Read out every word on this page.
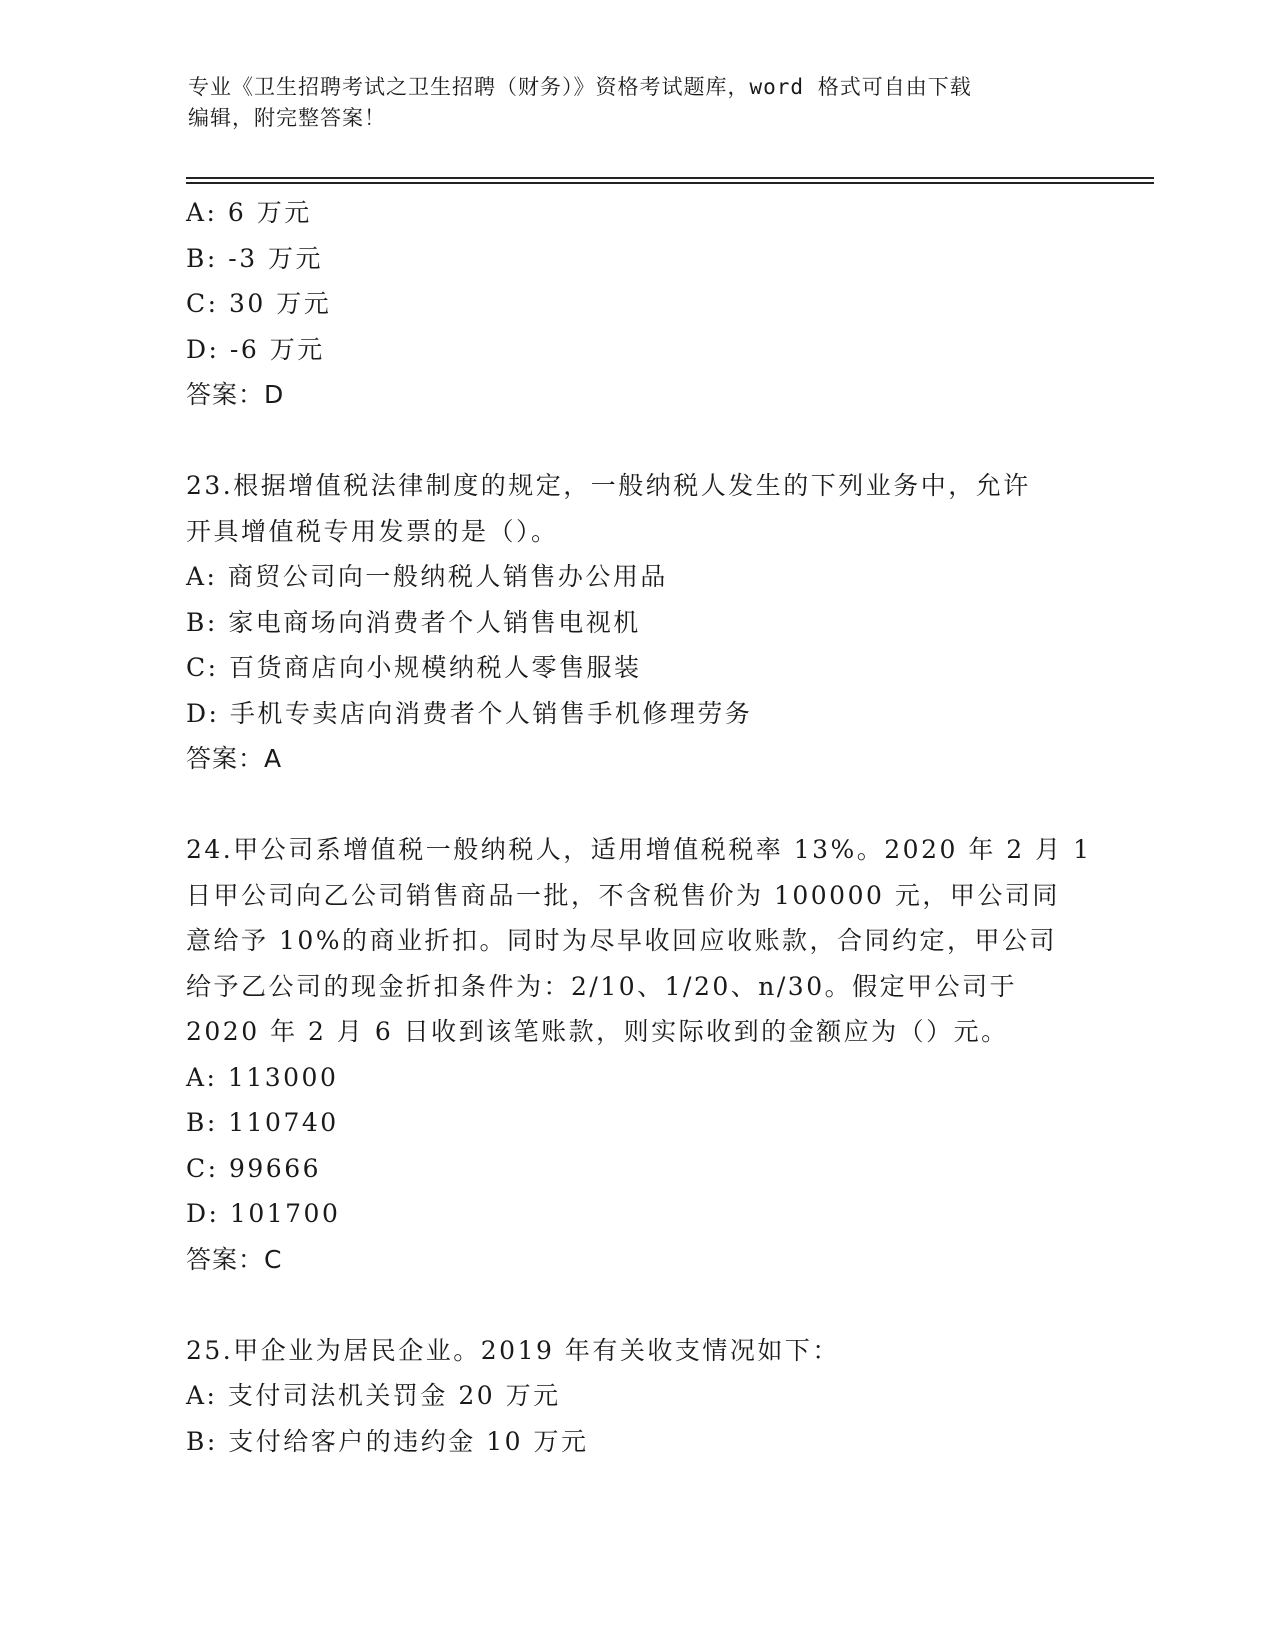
专业《卫生招聘考试之卫生招聘（财务）》资格考试题库，word 格式可自由下载
编辑，附完整答案！
A: 6 万元
B: -3 万元
C: 30 万元
D: -6 万元
答案：D
23.根据增值税法律制度的规定，一般纳税人发生的下列业务中，允许
开具增值税专用发票的是（）。
A: 商贸公司向一般纳税人销售办公用品
B: 家电商场向消费者个人销售电视机
C: 百货商店向小规模纳税人零售服装
D: 手机专卖店向消费者个人销售手机修理劳务
答案：A
24.甲公司系增值税一般纳税人，适用增值税税率 13%。2020 年 2 月 1
日甲公司向乙公司销售商品一批，不含税售价为 100000 元，甲公司同
意给予 10%的商业折扣。同时为尽早收回应收账款，合同约定，甲公司
给予乙公司的现金折扣条件为：2/10、1/20、n/30。假定甲公司于
2020 年 2 月 6 日收到该笔账款，则实际收到的金额应为（）元。
A: 113000
B: 110740
C: 99666
D: 101700
答案：C
25.甲企业为居民企业。2019 年有关收支情况如下：
A: 支付司法机关罚金 20 万元
B: 支付给客户的违约金 10 万元
